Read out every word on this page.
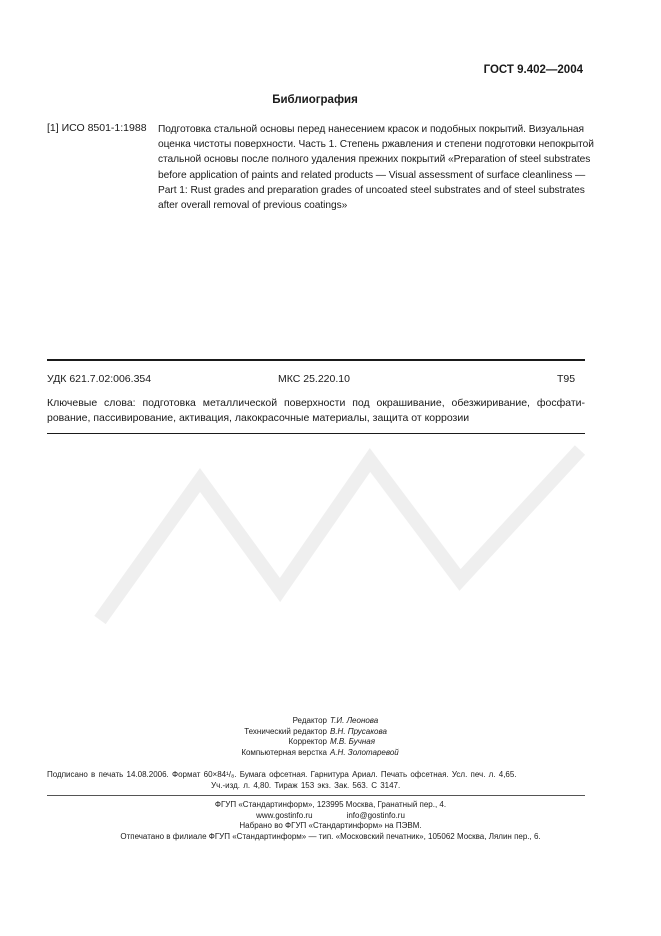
ГОСТ 9.402—2004
Библиография
[1] ИСО 8501-1:1988 Подготовка стальной основы перед нанесением красок и подобных покрытий. Визуальная
оценка чистоты поверхности. Часть 1. Степень ржавления и степени подготовки непокрытой
стальной основы после полного удаления прежних покрытий «Preparation of steel substrates
before application of paints and related products — Visual assessment of surface cleanliness —
Part 1: Rust grades and preparation grades of uncoated steel substrates and of steel substrates
after overall removal of previous coatings»
УДК 621.7.02:006.354	МКС 25.220.10	Т95
Ключевые слова: подготовка металлической поверхности под окрашивание, обезжиривание, фосфати-
рование, пассивирование, активация, лакокрасочные материалы, защита от коррозии
Редактор Т.И. Леонова
Технический редактор В.Н. Прусакова
Корректор М.В. Бучная
Компьютерная верстка А.Н. Золотаревой
Подписано в печать 14.08.2006. Формат 60×84¹/₈. Бумага офсетная. Гарнитура Ариал. Печать офсетная. Усл. печ. л. 4,65.
Уч.-изд. л. 4,80. Тираж 153 экз. Зак. 563. С 3147.
ФГУП «Стандартинформ», 123995 Москва, Гранатный пер., 4.
www.gostinfo.ru	info@gostinfo.ru
Набрано во ФГУП «Стандартинформ» на ПЭВМ.
Отпечатано в филиале ФГУП «Стандартинформ» — тип. «Московский печатник», 105062 Москва, Лялин пер., 6.
